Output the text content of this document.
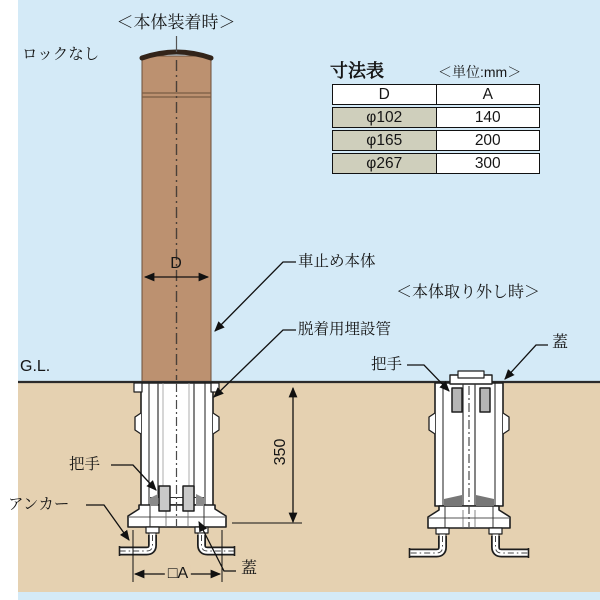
＜本体装着時＞
ロックなし
＜本体取り外し時＞
G.L.
車止め本体
脱着用埋設管
把手
アンカー
蓋
把手
蓋
D
□A
350
寸法表	＜単位:mm＞
D	A
φ102	140
φ165	200
φ267	300
